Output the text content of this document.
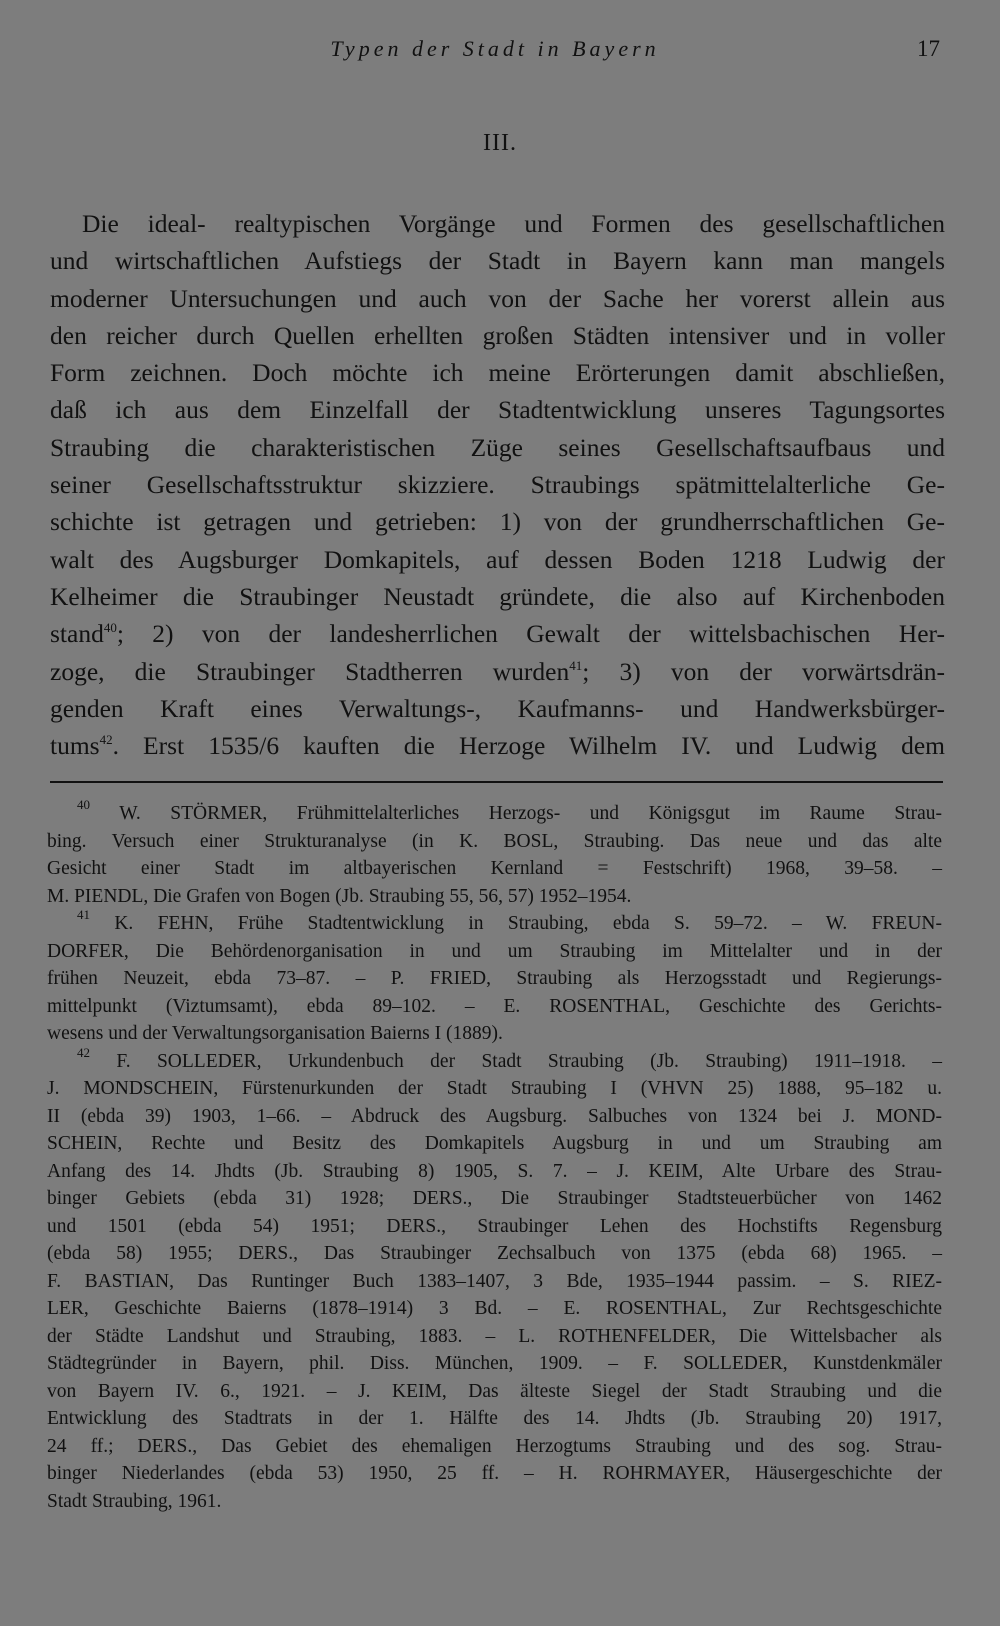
Typen der Stadt in Bayern	17
III.
Die ideal- realtypischen Vorgänge und Formen des gesellschaftlichen
und wirtschaftlichen Aufstiegs der Stadt in Bayern kann man mangels
moderner Untersuchungen und auch von der Sache her vorerst allein aus
den reicher durch Quellen erhellten großen Städten intensiver und in voller
Form zeichnen. Doch möchte ich meine Erörterungen damit abschließen,
daß ich aus dem Einzelfall der Stadtentwicklung unseres Tagungsortes
Straubing die charakteristischen Züge seines Gesellschaftsaufbaus und
seiner Gesellschaftsstruktur skizziere. Straubings spätmittelalterliche Ge-
schichte ist getragen und getrieben: 1) von der grundherrschaftlichen Ge-
walt des Augsburger Domkapitels, auf dessen Boden 1218 Ludwig der
Kelheimer die Straubinger Neustadt gründete, die also auf Kirchenboden
stand$^{40}$; 2) von der landesherrlichen Gewalt der wittelsbachischen Her-
zoge, die Straubinger Stadtherren wurden$^{41}$; 3) von der vorwärtsdrän-
genden Kraft eines Verwaltungs-, Kaufmanns- und Handwerksbürger-
tums$^{42}$. Erst 1535/6 kauften die Herzoge Wilhelm IV. und Ludwig dem
$^{40}$ W. STÖRMER, Frühmittelalterliches Herzogs- und Königsgut im Raume Strau-
bing. Versuch einer Strukturanalyse (in K. BOSL, Straubing. Das neue und das alte
Gesicht einer Stadt im altbayerischen Kernland = Festschrift) 1968, 39–58. –
M. PIENDL, Die Grafen von Bogen (Jb. Straubing 55, 56, 57) 1952–1954.
$^{41}$ K. FEHN, Frühe Stadtentwicklung in Straubing, ebda S. 59–72. – W. FREUN-
DORFER, Die Behördenorganisation in und um Straubing im Mittelalter und in der
frühen Neuzeit, ebda 73–87. – P. FRIED, Straubing als Herzogsstadt und Regierungs-
mittelpunkt (Viztumsamt), ebda 89–102. – E. ROSENTHAL, Geschichte des Gerichts-
wesens und der Verwaltungsorganisation Baierns I (1889).
$^{42}$ F. SOLLEDER, Urkundenbuch der Stadt Straubing (Jb. Straubing) 1911–1918. –
J. MONDSCHEIN, Fürstenurkunden der Stadt Straubing I (VHVN 25) 1888, 95–182 u.
II (ebda 39) 1903, 1–66. – Abdruck des Augsburg. Salbuches von 1324 bei J. MOND-
SCHEIN, Rechte und Besitz des Domkapitels Augsburg in und um Straubing am
Anfang des 14. Jhdts (Jb. Straubing 8) 1905, S. 7. – J. KEIM, Alte Urbare des Strau-
binger Gebiets (ebda 31) 1928; DERS., Die Straubinger Stadtsteuerbücher von 1462
und 1501 (ebda 54) 1951; DERS., Straubinger Lehen des Hochstifts Regensburg
(ebda 58) 1955; DERS., Das Straubinger Zechsalbuch von 1375 (ebda 68) 1965. –
F. BASTIAN, Das Runtinger Buch 1383–1407, 3 Bde, 1935–1944 passim. – S. RIEZ-
LER, Geschichte Baierns (1878–1914) 3 Bd. – E. ROSENTHAL, Zur Rechtsgeschichte
der Städte Landshut und Straubing, 1883. – L. ROTHENFELDER, Die Wittelsbacher als
Städtegründer in Bayern, phil. Diss. München, 1909. – F. SOLLEDER, Kunstdenkmäler
von Bayern IV. 6., 1921. – J. KEIM, Das älteste Siegel der Stadt Straubing und die
Entwicklung des Stadtrats in der 1. Hälfte des 14. Jhdts (Jb. Straubing 20) 1917,
24 ff.; DERS., Das Gebiet des ehemaligen Herzogtums Straubing und des sog. Strau-
binger Niederlandes (ebda 53) 1950, 25 ff. – H. ROHRMAYER, Häusergeschichte der
Stadt Straubing, 1961.
